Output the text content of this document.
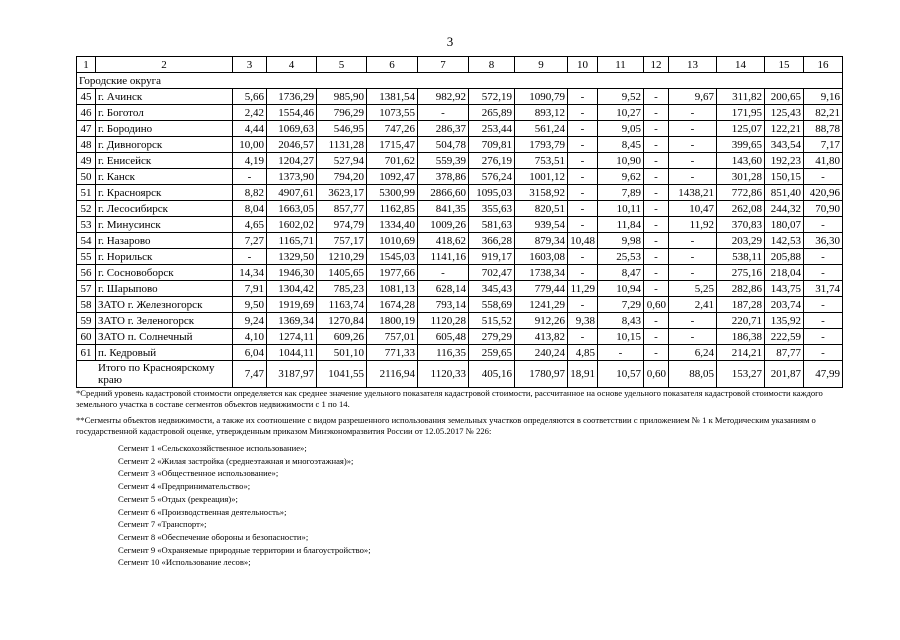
3
1	2	3	4	5	6	7	8	9	10	11	12	13	14	15	16
Городские округа															
45	г. Ачинск	5,66	1736,29	985,90	1381,54	982,92	572,19	1090,79	-	9,52	-	9,67	311,82	200,65	9,16
46	г. Боготол	2,42	1554,46	796,29	1073,55	-	265,89	893,12	-	10,27	-	-	171,95	125,43	82,21
47	г. Бородино	4,44	1069,63	546,95	747,26	286,37	253,44	561,24	-	9,05	-	-	125,07	122,21	88,78
48	г. Дивногорск	10,00	2046,57	1131,28	1715,47	504,78	709,81	1793,79	-	8,45	-	-	399,65	343,54	7,17
49	г. Енисейск	4,19	1204,27	527,94	701,62	559,39	276,19	753,51	-	10,90	-	-	143,60	192,23	41,80
50	г. Канск	-	1373,90	794,20	1092,47	378,86	576,24	1001,12	-	9,62	-	-	301,28	150,15	-
51	г. Красноярск	8,82	4907,61	3623,17	5300,99	2866,60	1095,03	3158,92	-	7,89	-	1438,21	772,86	851,40	420,96
52	г. Лесосибирск	8,04	1663,05	857,77	1162,85	841,35	355,63	820,51	-	10,11	-	10,47	262,08	244,32	70,90
53	г. Минусинск	4,65	1602,02	974,79	1334,40	1009,26	581,63	939,54	-	11,84	-	11,92	370,83	180,07	-
54	г. Назарово	7,27	1165,71	757,17	1010,69	418,62	366,28	879,34	10,48	9,98	-	-	203,29	142,53	36,30
55	г. Норильск	-	1329,50	1210,29	1545,03	1141,16	919,17	1603,08	-	25,53	-	-	538,11	205,88	-
56	г. Сосновоборск	14,34	1946,30	1405,65	1977,66	-	702,47	1738,34	-	8,47	-	-	275,16	218,04	-
57	г. Шарыпово	7,91	1304,42	785,23	1081,13	628,14	345,43	779,44	11,29	10,94	-	5,25	282,86	143,75	31,74
58	ЗАТО г. Железногорск	9,50	1919,69	1163,74	1674,28	793,14	558,69	1241,29	-	7,29	0,60	2,41	187,28	203,74	-
59	ЗАТО г. Зеленогорск	9,24	1369,34	1270,84	1800,19	1120,28	515,52	912,26	9,38	8,43	-	-	220,71	135,92	-
60	ЗАТО п. Солнечный	4,10	1274,11	609,26	757,01	605,48	279,29	413,82	-	10,15	-	-	186,38	222,59	-
61	п. Кедровый	6,04	1044,11	501,10	771,33	116,35	259,65	240,24	4,85	-	-	6,24	214,21	87,77	-
Итого по Красноярскому краю		7,47	3187,97	1041,55	2116,94	1120,33	405,16	1780,97	18,91	10,57	0,60	88,05	153,27	201,87	47,99

*Средний уровень кадастровой стоимости определяется как среднее значение удельного показателя кадастровой стоимости, рассчитанное на основе удельного показателя кадастровой стоимости каждого земельного участка в составе сегментов объектов недвижимости с 1 по 14.

**Сегменты объектов недвижимости, а также их соотношение с видом разрешенного использования земельных участков определяются в соответствии с приложением № 1 к Методическим указаниям о государственной кадастровой оценке, утвержденным приказом Минэкономразвития России от 12.05.2017 № 226:

Сегмент 1 «Сельскохозяйственное использование»;
Сегмент 2 «Жилая застройка (среднеэтажная и многоэтажная)»;
Сегмент 3 «Общественное использование»;
Сегмент 4 «Предпринимательство»;
Сегмент 5 «Отдых (рекреация)»;
Сегмент 6 «Производственная деятельность»;
Сегмент 7 «Транспорт»;
Сегмент 8 «Обеспечение обороны и безопасности»;
Сегмент 9 «Охраняемые природные территории и благоустройство»;
Сегмент 10 «Использование лесов»;
